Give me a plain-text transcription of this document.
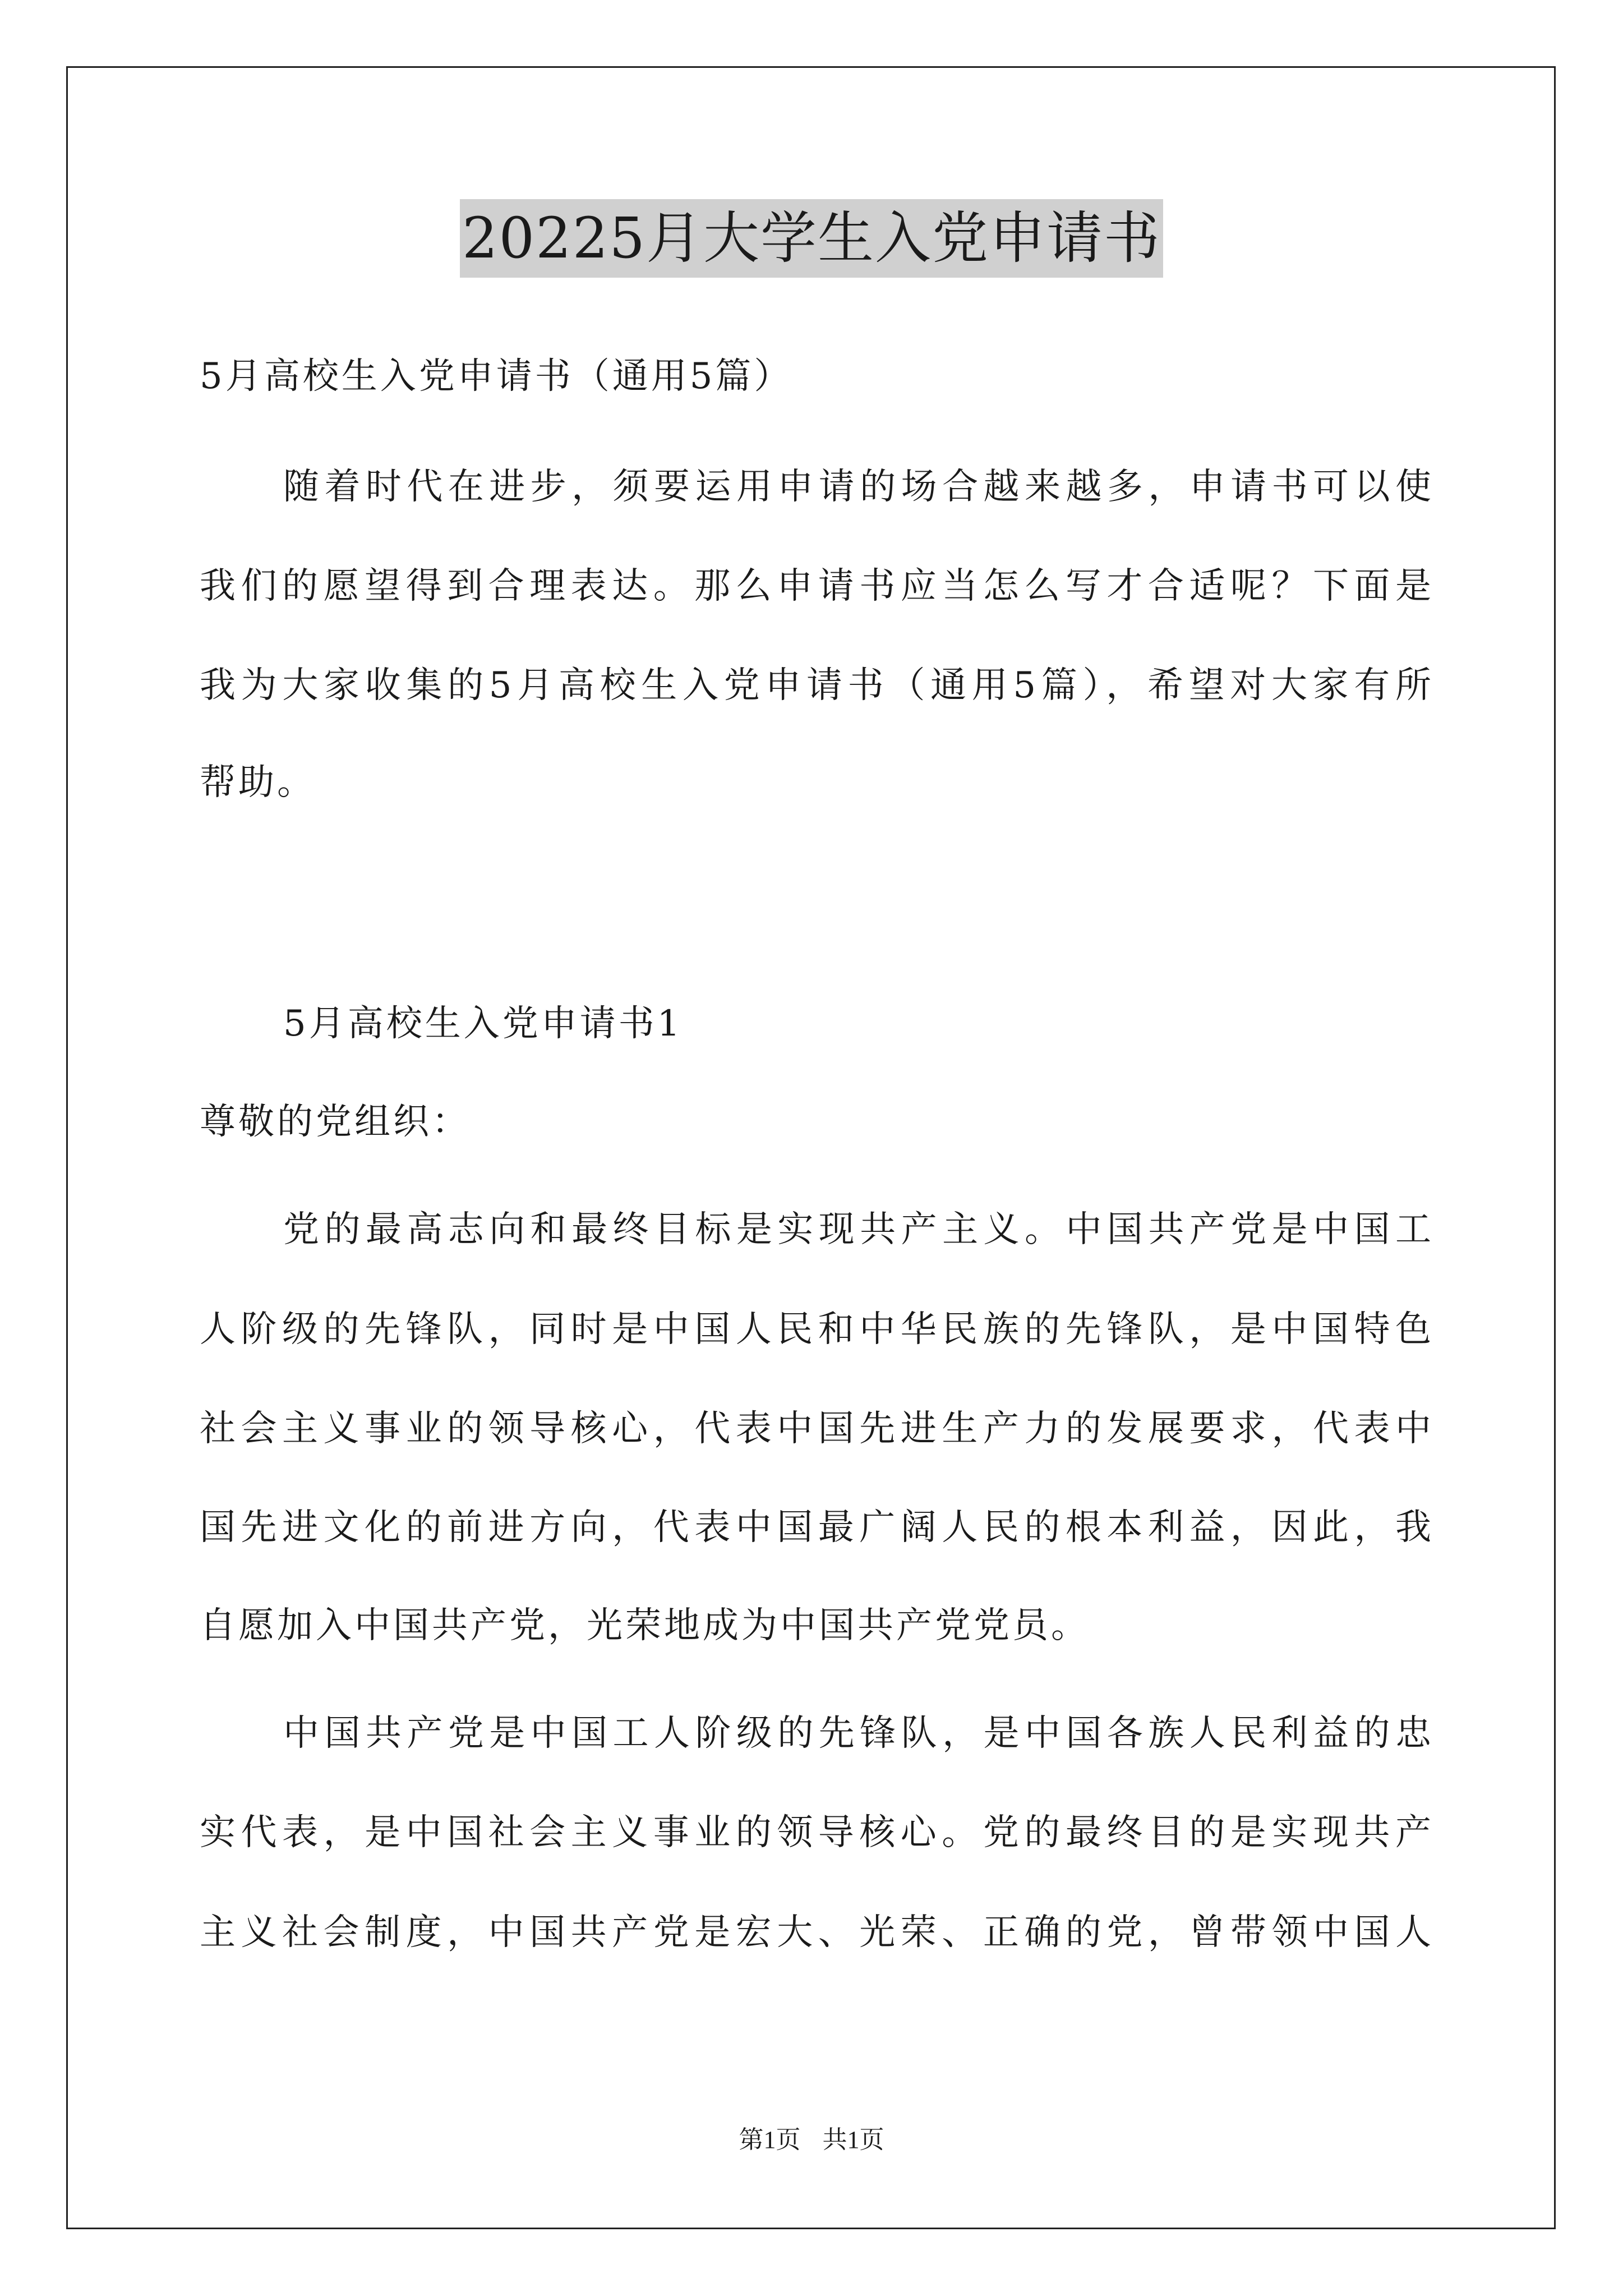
20225月大学生入党申请书
5月高校生入党申请书（通用5篇）
随着时代在进步，须要运用申请的场合越来越多，申请书可以使
我们的愿望得到合理表达。那么申请书应当怎么写才合适呢？下面是
我为大家收集的5月高校生入党申请书（通用5篇），希望对大家有所
帮助。
5月高校生入党申请书1
尊敬的党组织：
党的最高志向和最终目标是实现共产主义。中国共产党是中国工
人阶级的先锋队，同时是中国人民和中华民族的先锋队，是中国特色
社会主义事业的领导核心，代表中国先进生产力的发展要求，代表中
国先进文化的前进方向，代表中国最广阔人民的根本利益，因此，我
自愿加入中国共产党，光荣地成为中国共产党党员。
中国共产党是中国工人阶级的先锋队，是中国各族人民利益的忠
实代表，是中国社会主义事业的领导核心。党的最终目的是实现共产
主义社会制度，中国共产党是宏大、光荣、正确的党，曾带领中国人
第1页 共1页
